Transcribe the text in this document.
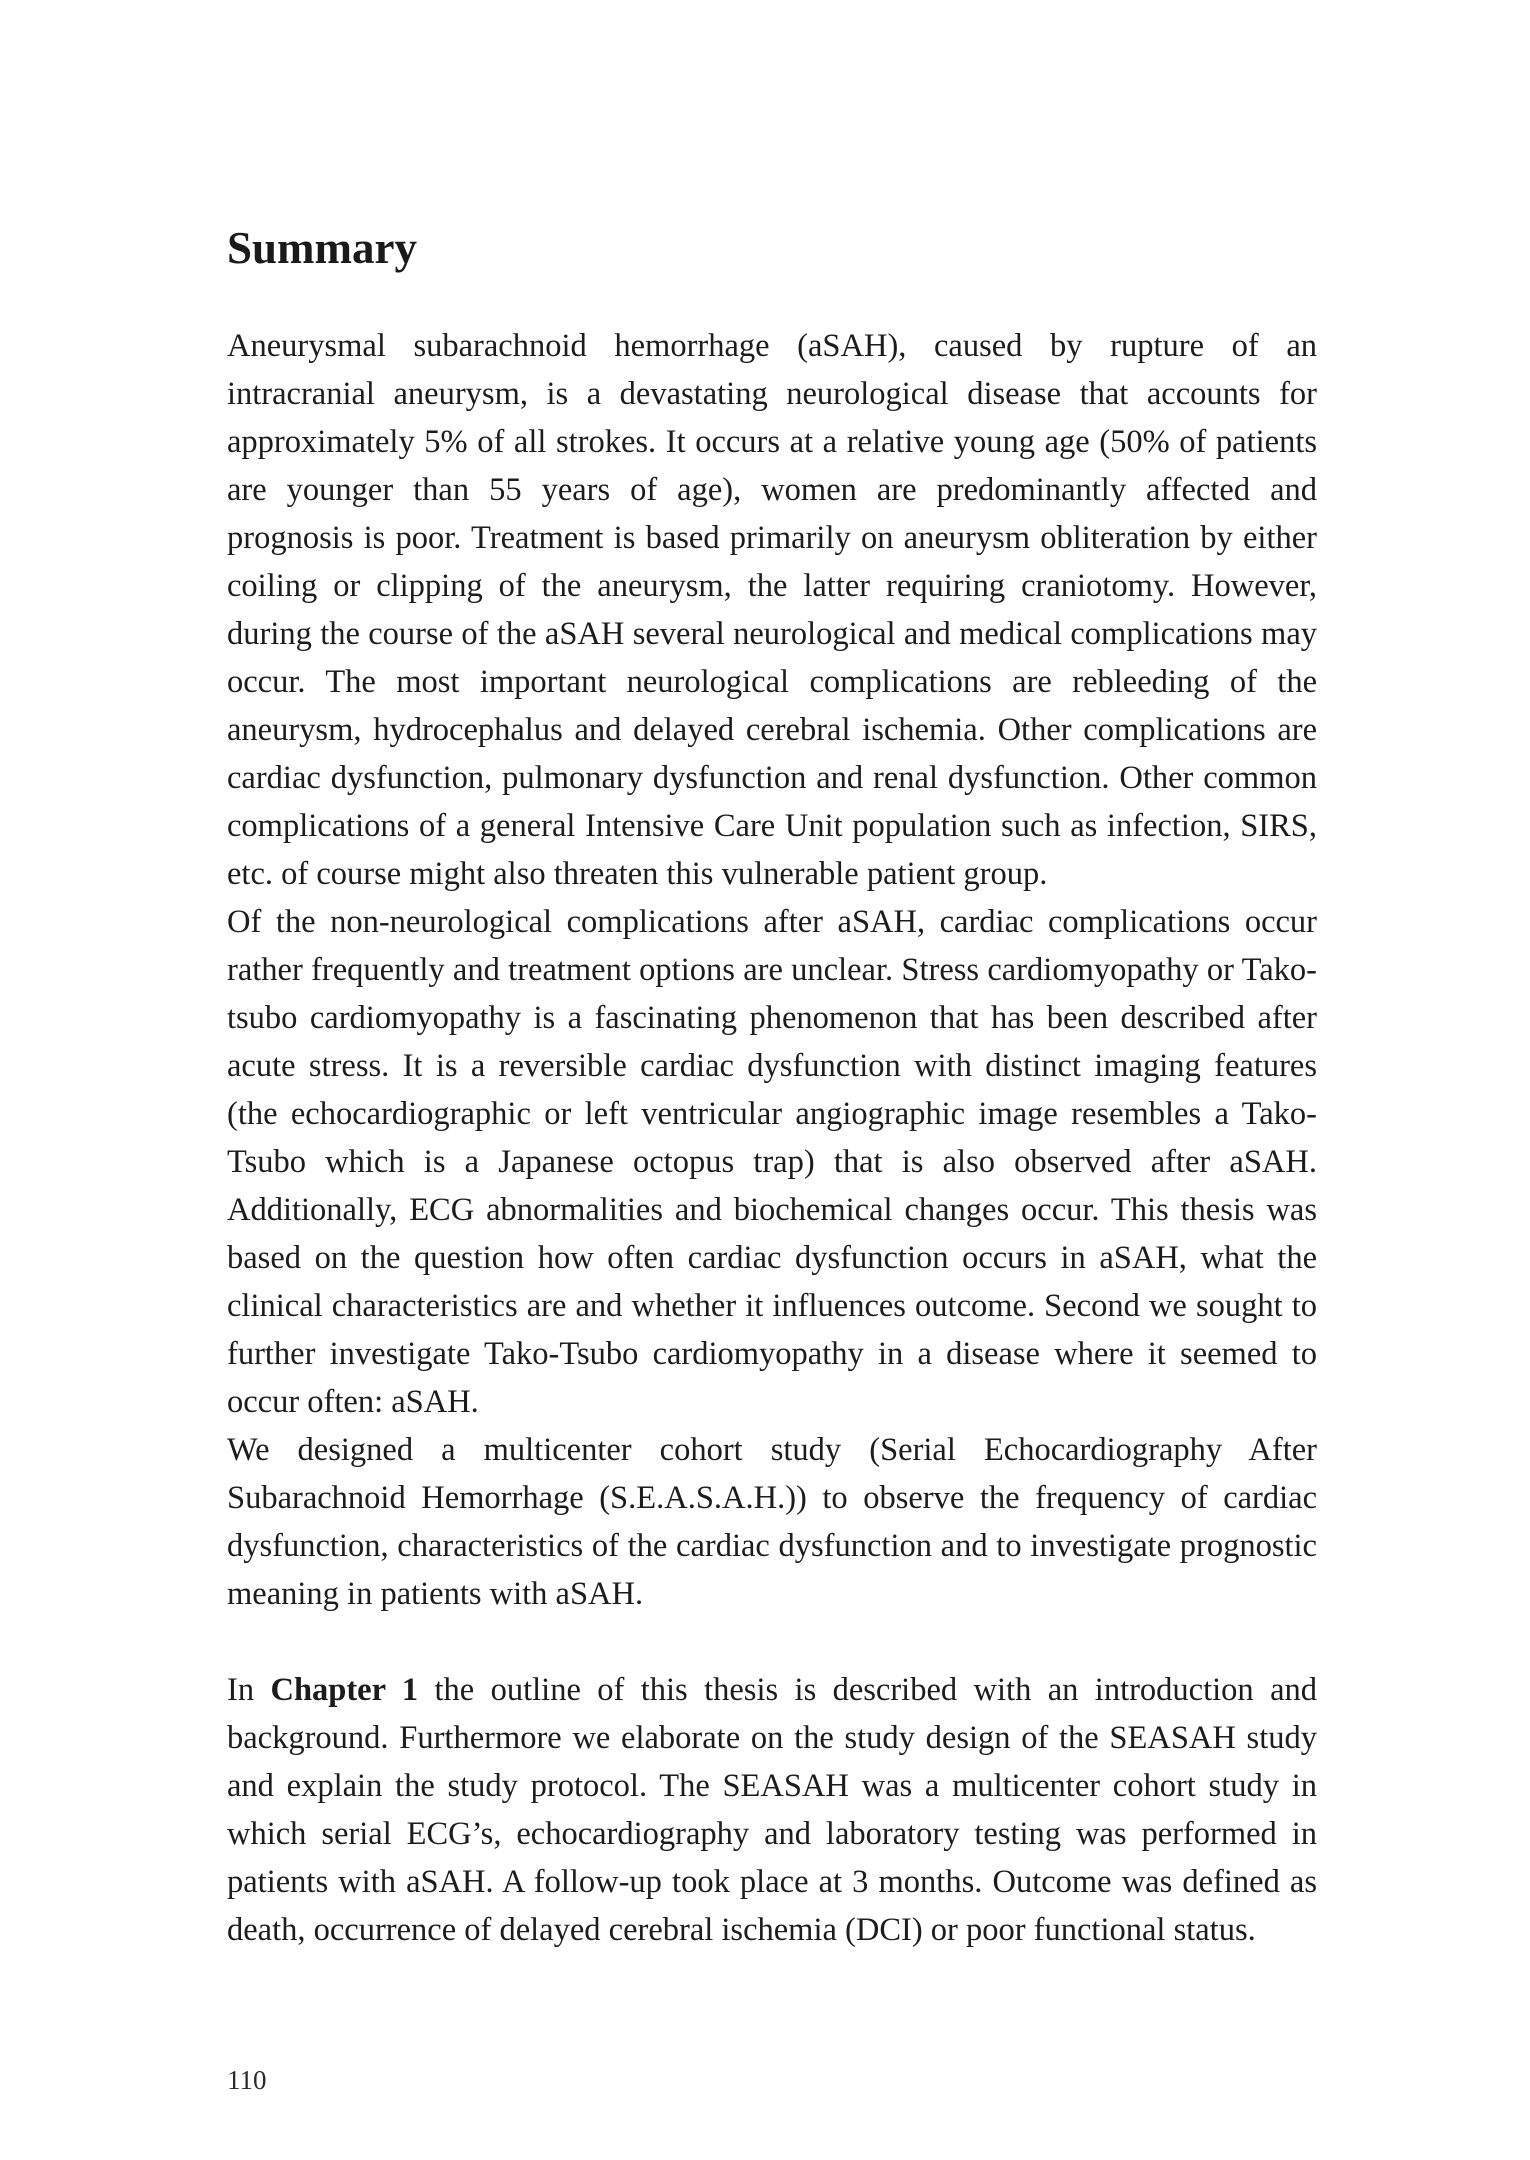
Summary

Aneurysmal subarachnoid hemorrhage (aSAH), caused by rupture of an intracranial aneurysm, is a devastating neurological disease that accounts for approximately 5% of all strokes. It occurs at a relative young age (50% of patients are younger than 55 years of age), women are predominantly affected and prognosis is poor. Treatment is based primarily on aneurysm obliteration by either coiling or clipping of the aneurysm, the latter requiring craniotomy. However, during the course of the aSAH several neurological and medical complications may occur. The most important neurological complications are rebleeding of the aneurysm, hydrocephalus and delayed cerebral ischemia. Other complications are cardiac dysfunction, pulmonary dysfunction and renal dysfunction. Other common complications of a general Intensive Care Unit population such as infection, SIRS, etc. of course might also threaten this vulnerable patient group.

Of the non-neurological complications after aSAH, cardiac complications occur rather frequently and treatment options are unclear. Stress cardiomyopathy or Tako-tsubo cardiomyopathy is a fascinating phenomenon that has been described after acute stress. It is a reversible cardiac dysfunction with distinct imaging features (the echocardiographic or left ventricular angiographic image resembles a Tako-Tsubo which is a Japanese octopus trap) that is also observed after aSAH. Additionally, ECG abnormalities and biochemical changes occur. This thesis was based on the question how often cardiac dysfunction occurs in aSAH, what the clinical characteristics are and whether it influences outcome. Second we sought to further investigate Tako-Tsubo cardiomyopathy in a disease where it seemed to occur often: aSAH.

We designed a multicenter cohort study (Serial Echocardiography After Subarachnoid Hemorrhage (S.E.A.S.A.H.)) to observe the frequency of cardiac dysfunction, characteristics of the cardiac dysfunction and to investigate prognostic meaning in patients with aSAH.

In Chapter 1 the outline of this thesis is described with an introduction and background. Furthermore we elaborate on the study design of the SEASAH study and explain the study protocol. The SEASAH was a multicenter cohort study in which serial ECG’s, echocardiography and laboratory testing was performed in patients with aSAH. A follow-up took place at 3 months. Outcome was defined as death, occurrence of delayed cerebral ischemia (DCI) or poor functional status.

110
